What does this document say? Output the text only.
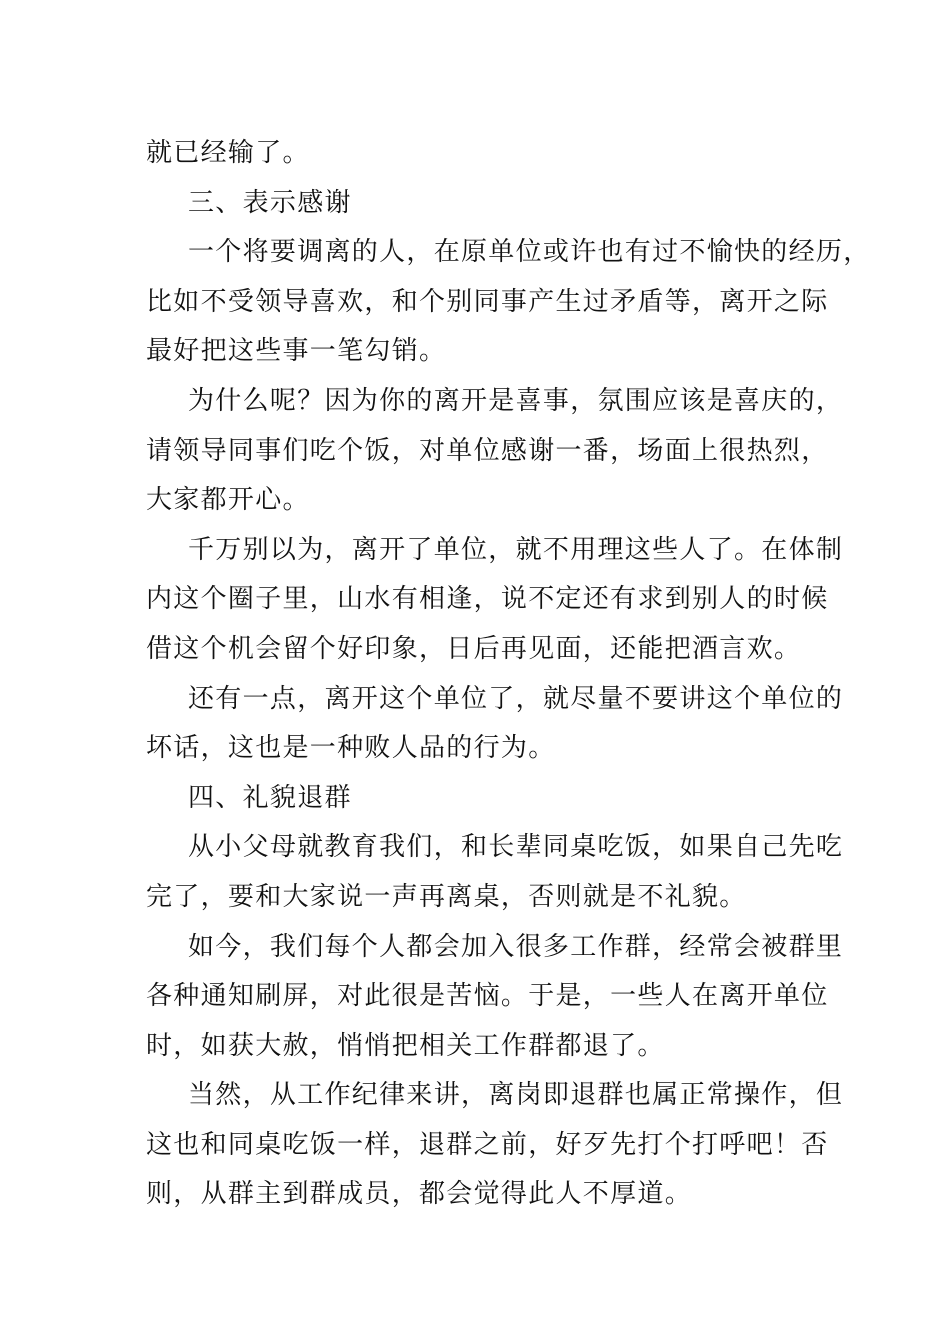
就已经输了。
三、表示感谢
一个将要调离的人，在原单位或许也有过不愉快的经历，
比如不受领导喜欢，和个别同事产生过矛盾等，离开之际
最好把这些事一笔勾销。
为什么呢？因为你的离开是喜事，氛围应该是喜庆的，
请领导同事们吃个饭，对单位感谢一番，场面上很热烈，
大家都开心。
千万别以为，离开了单位，就不用理这些人了。在体制
内这个圈子里，山水有相逢，说不定还有求到别人的时候
借这个机会留个好印象，日后再见面，还能把酒言欢。
还有一点，离开这个单位了，就尽量不要讲这个单位的
坏话，这也是一种败人品的行为。
四、礼貌退群
从小父母就教育我们，和长辈同桌吃饭，如果自己先吃
完了，要和大家说一声再离桌，否则就是不礼貌。
如今，我们每个人都会加入很多工作群，经常会被群里
各种通知刷屏，对此很是苦恼。于是，一些人在离开单位
时，如获大赦，悄悄把相关工作群都退了。
当然，从工作纪律来讲，离岗即退群也属正常操作，但
这也和同桌吃饭一样，退群之前，好歹先打个打呼吧！否
则，从群主到群成员，都会觉得此人不厚道。
